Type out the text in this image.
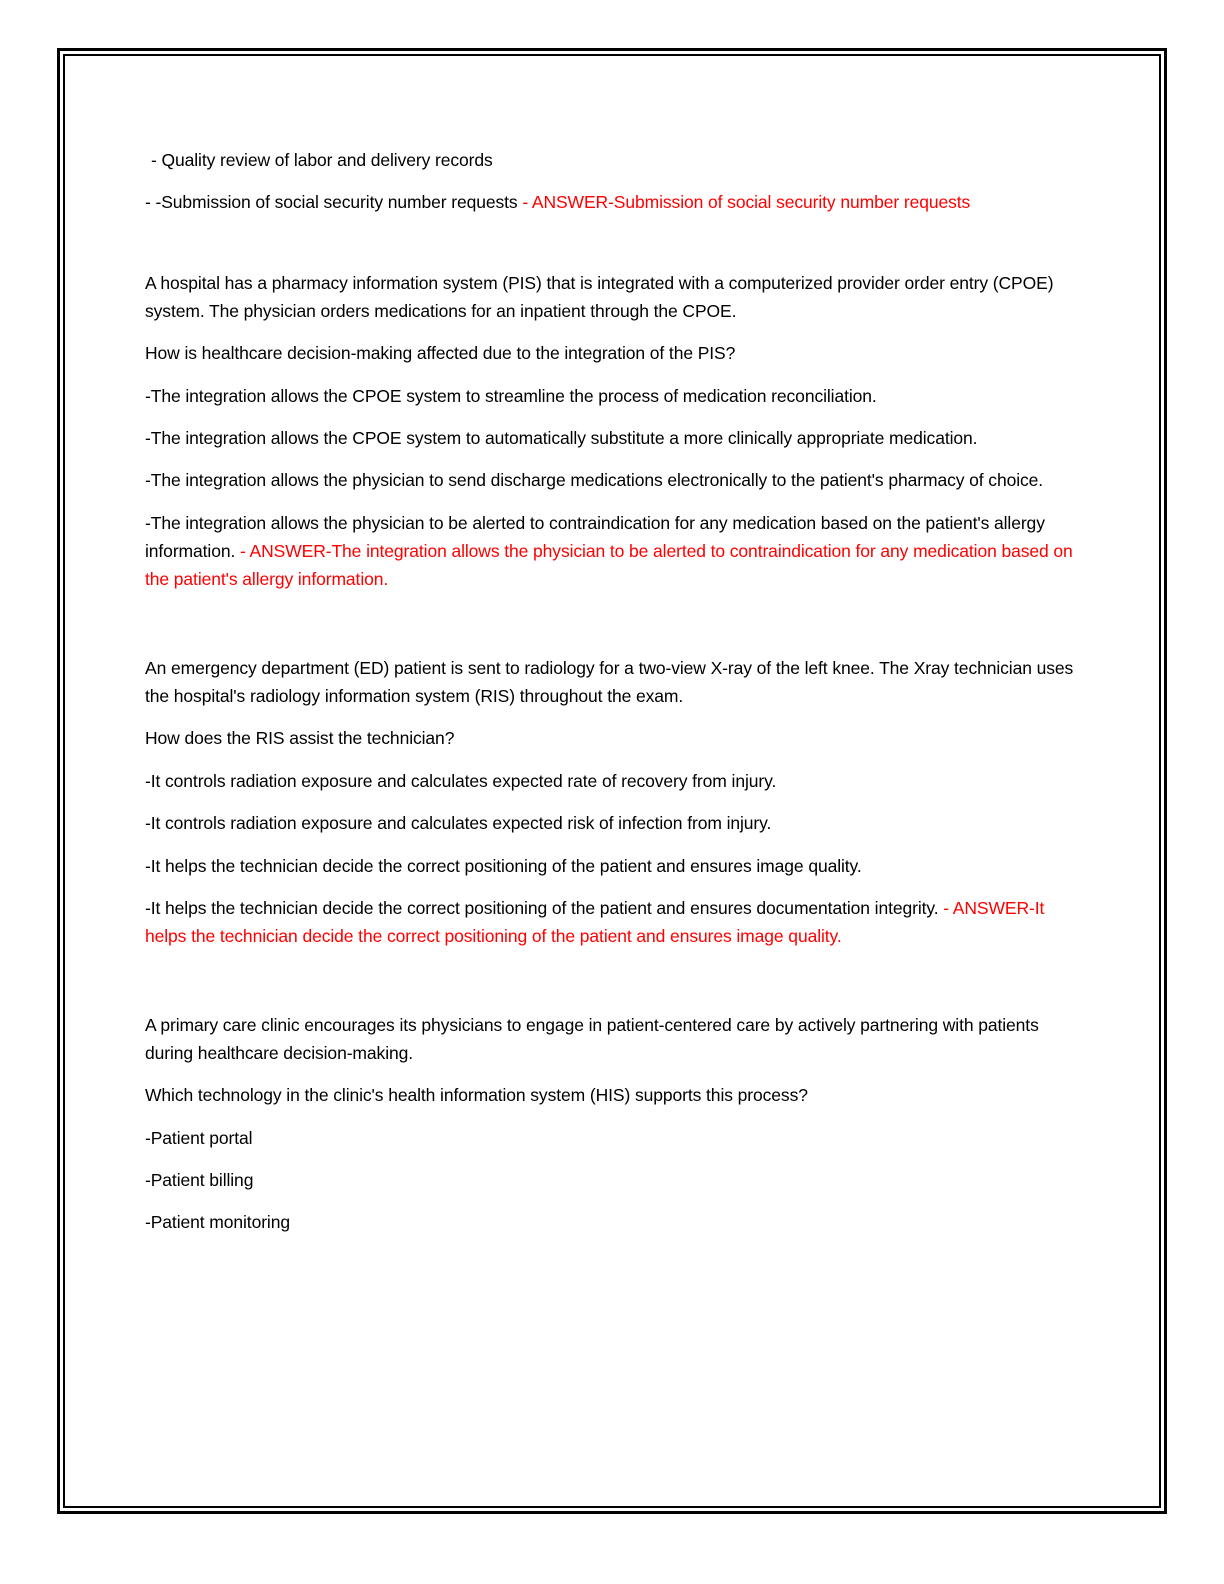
- Quality review of labor and delivery records

- -Submission of social security number requests - ANSWER-Submission of social security number requests

A hospital has a pharmacy information system (PIS) that is integrated with a computerized provider order entry (CPOE) system. The physician orders medications for an inpatient through the CPOE.

How is healthcare decision-making affected due to the integration of the PIS?

-The integration allows the CPOE system to streamline the process of medication reconciliation.

-The integration allows the CPOE system to automatically substitute a more clinically appropriate medication.

-The integration allows the physician to send discharge medications electronically to the patient's pharmacy of choice.

-The integration allows the physician to be alerted to contraindication for any medication based on the patient's allergy information. - ANSWER-The integration allows the physician to be alerted to contraindication for any medication based on the patient's allergy information.

An emergency department (ED) patient is sent to radiology for a two-view X-ray of the left knee. The Xray technician uses the hospital's radiology information system (RIS) throughout the exam.

How does the RIS assist the technician?

-It controls radiation exposure and calculates expected rate of recovery from injury.

-It controls radiation exposure and calculates expected risk of infection from injury.

-It helps the technician decide the correct positioning of the patient and ensures image quality.

-It helps the technician decide the correct positioning of the patient and ensures documentation integrity. - ANSWER-It helps the technician decide the correct positioning of the patient and ensures image quality.

A primary care clinic encourages its physicians to engage in patient-centered care by actively partnering with patients during healthcare decision-making.

Which technology in the clinic's health information system (HIS) supports this process?

-Patient portal

-Patient billing

-Patient monitoring
